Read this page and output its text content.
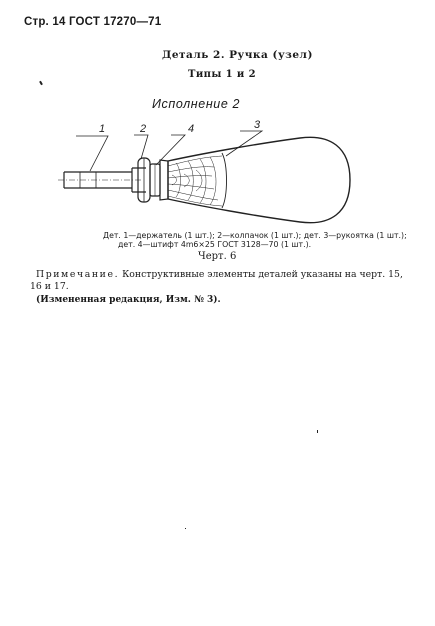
Стр. 14 ГОСТ 17270—71
Деталь 2. Ручка (узел)
Типы 1 и 2
Исполнение 2
1	2	4	3
Дет. 1—держатель (1 шт.); 2—колпачок (1 шт.); дет. 3—рукоятка (1 шт.);
дет. 4—штифт 4m6×25 ГОСТ 3128—70 (1 шт.).
Черт. 6
Примечание. Конструктивные элементы деталей указаны на черт. 15,
16 и 17.
(Измененная редакция, Изм. № 3).
